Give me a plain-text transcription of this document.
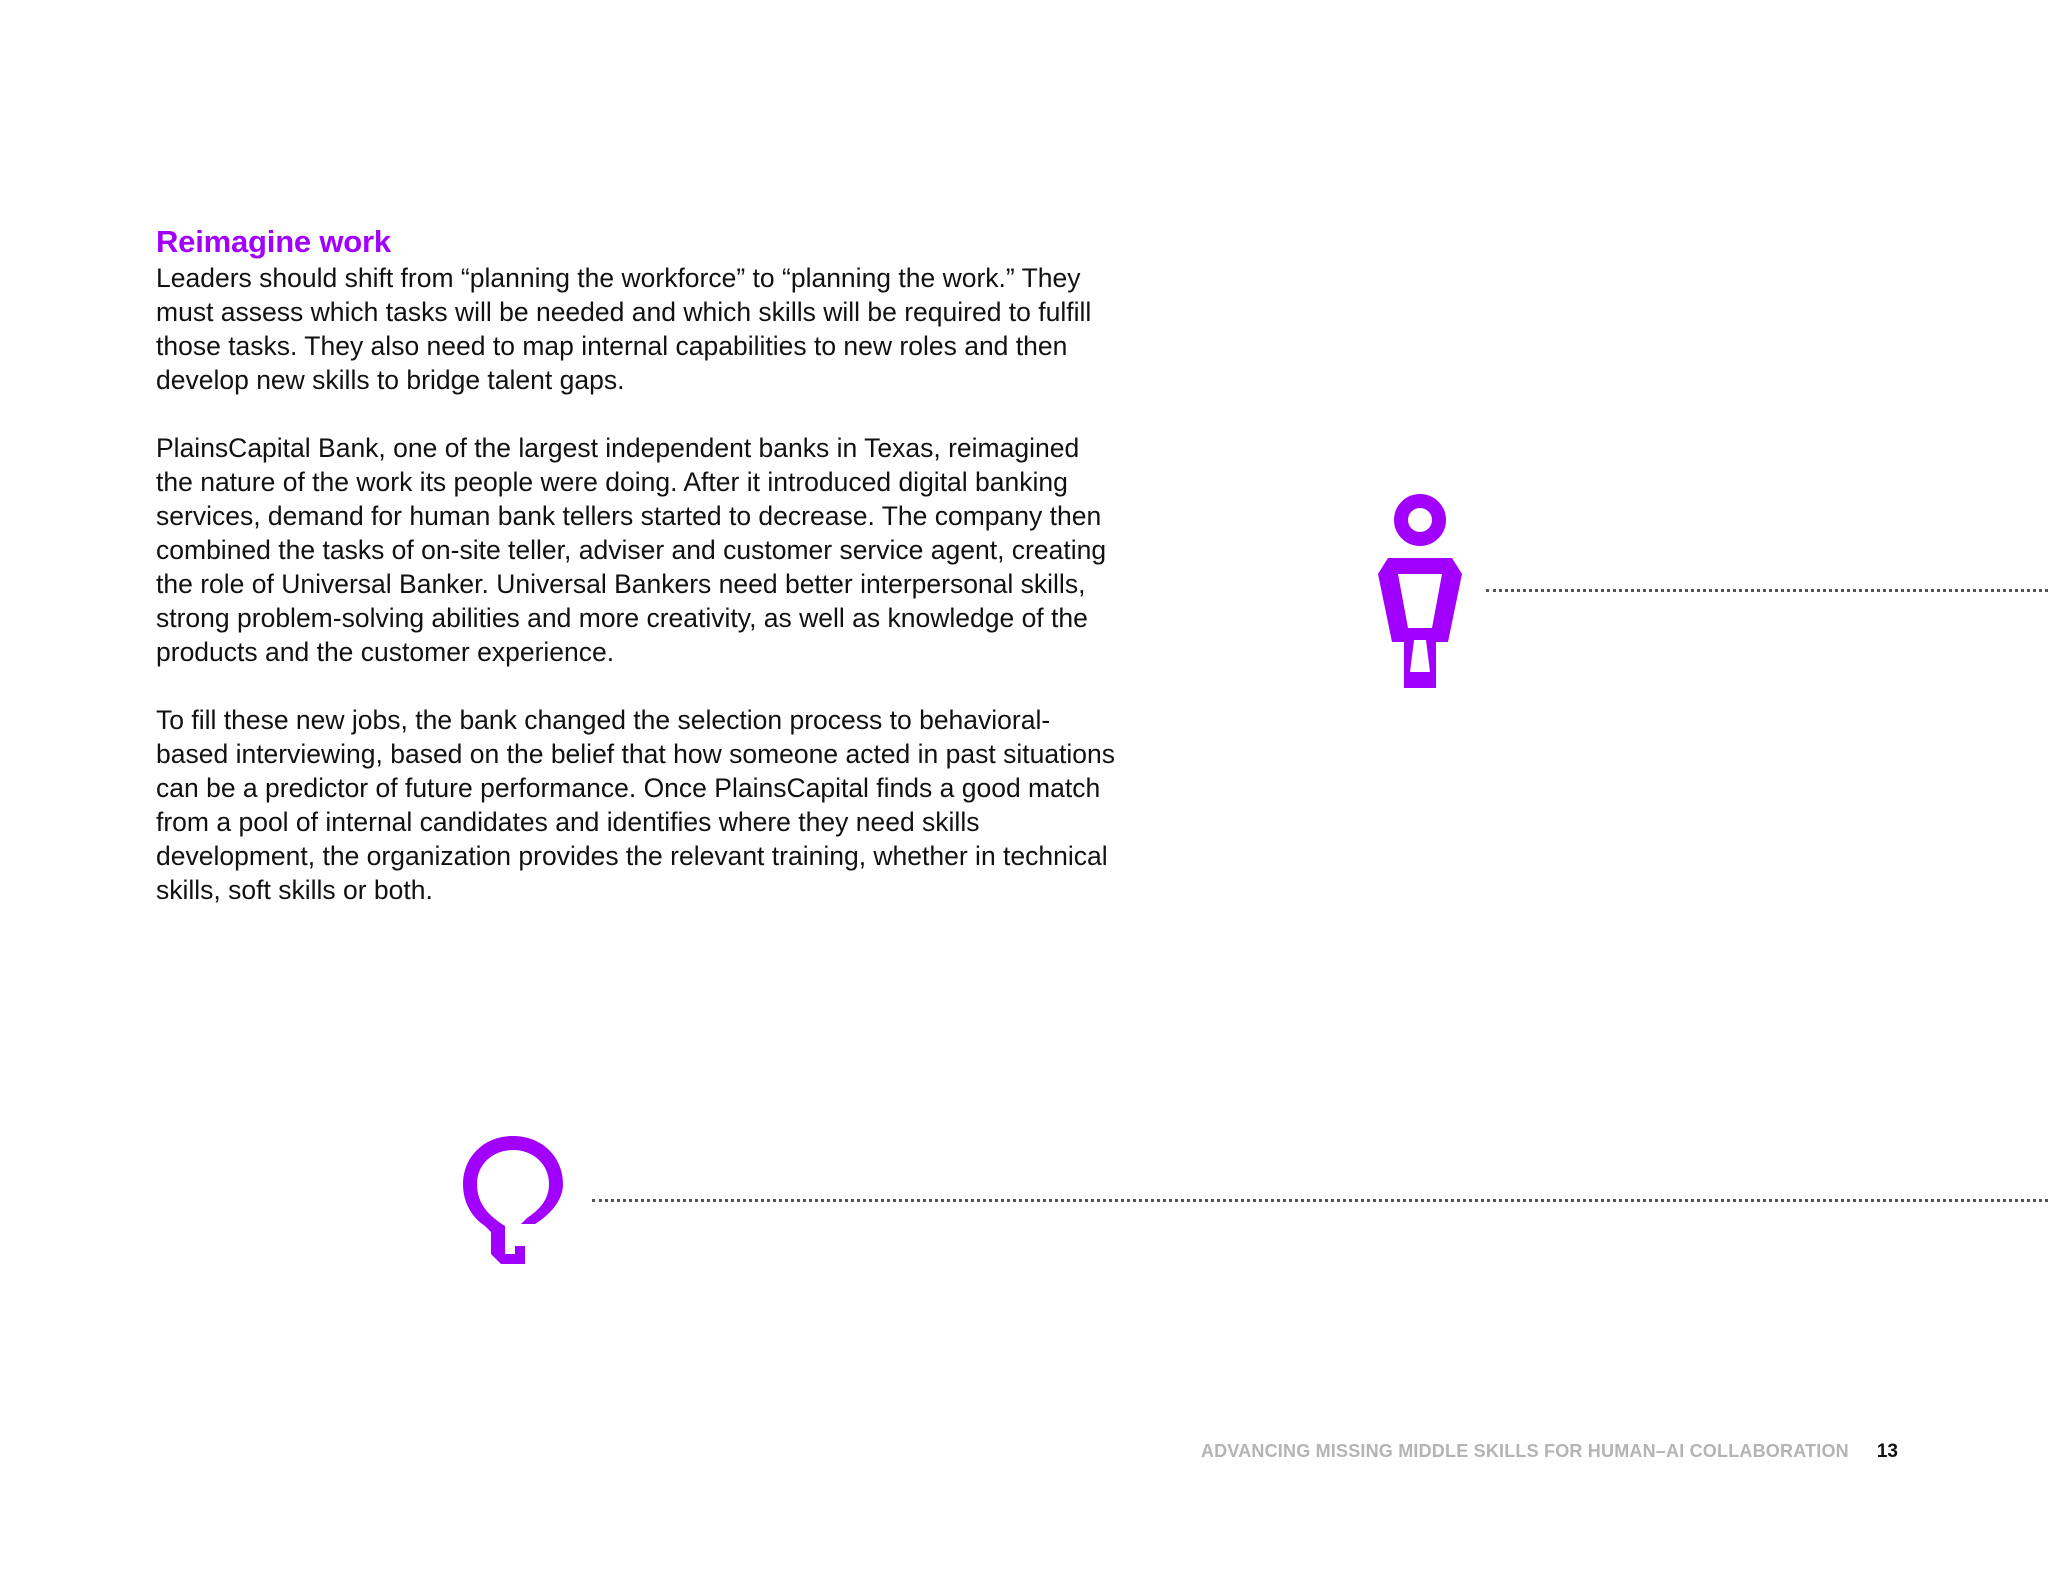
Reimagine work

Leaders should shift from “planning the workforce” to “planning the work.” They must assess which tasks will be needed and which skills will be required to fulfill those tasks. They also need to map internal capabilities to new roles and then develop new skills to bridge talent gaps.

PlainsCapital Bank, one of the largest independent banks in Texas, reimagined the nature of the work its people were doing. After it introduced digital banking services, demand for human bank tellers started to decrease. The company then combined the tasks of on-site teller, adviser and customer service agent, creating the role of Universal Banker. Universal Bankers need better interpersonal skills, strong problem-solving abilities and more creativity, as well as knowledge of the products and the customer experience.

To fill these new jobs, the bank changed the selection process to behavioral-based interviewing, based on the belief that how someone acted in past situations can be a predictor of future performance. Once PlainsCapital finds a good match from a pool of internal candidates and identifies where they need skills development, the organization provides the relevant training, whether in technical skills, soft skills or both.

ADVANCING MISSING MIDDLE SKILLS FOR HUMAN–AI COLLABORATION 13
